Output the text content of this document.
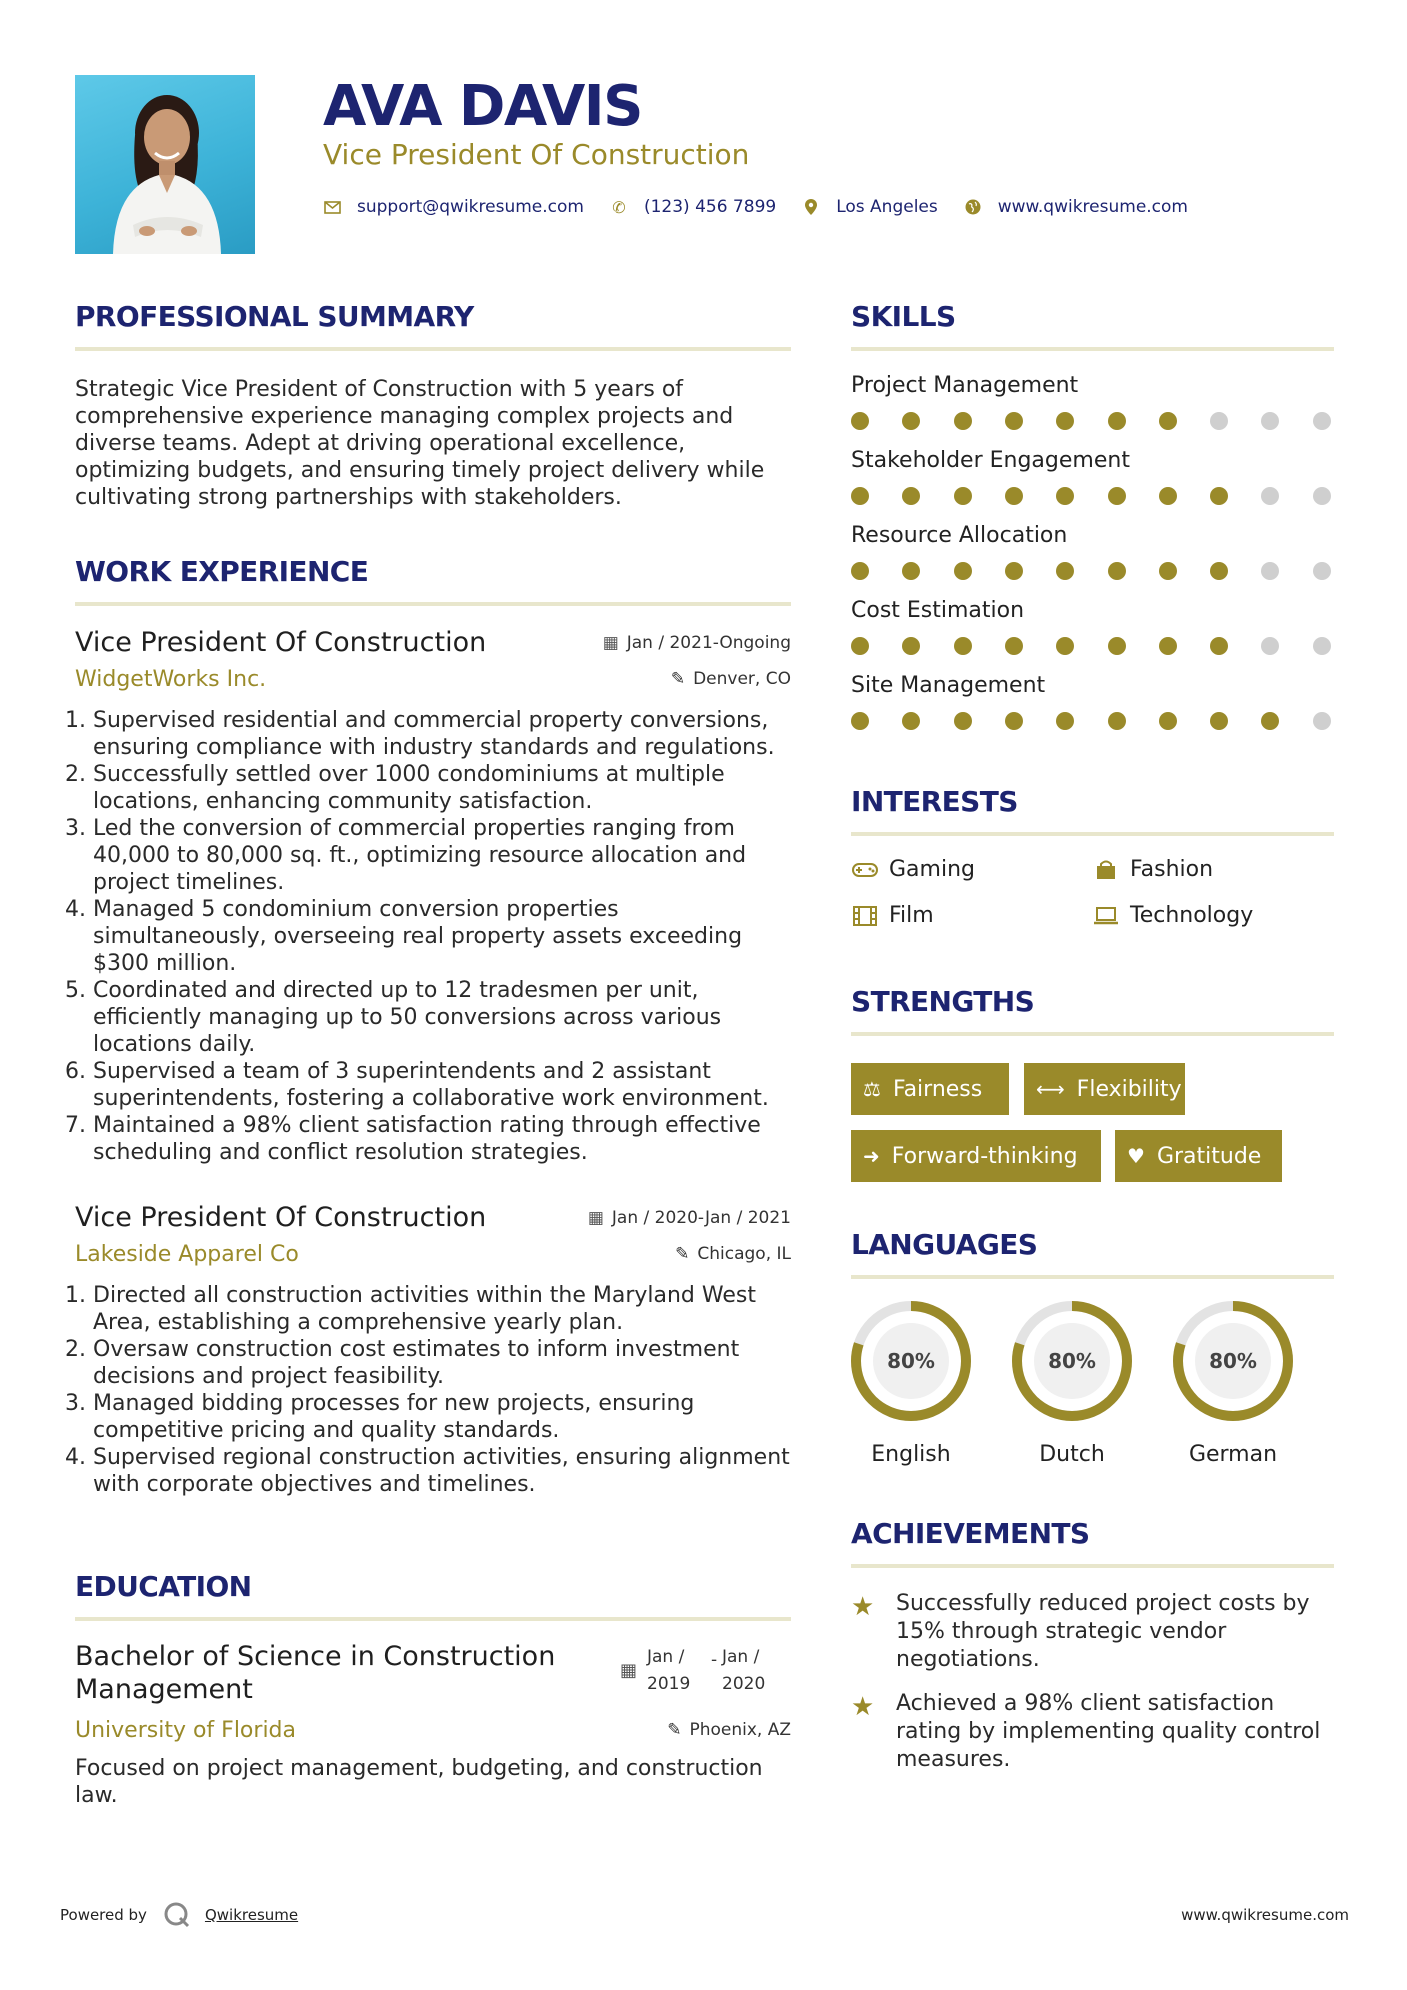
AVA DAVIS
Vice President Of Construction
support@qwikresume.com ✆ (123) 456 7899	Los Angeles	www.qwikresume.com
PROFESSIONAL SUMMARY
Strategic Vice President of Construction with 5 years of comprehensive experience managing complex projects and diverse teams. Adept at driving operational excellence, optimizing budgets, and ensuring timely project delivery while cultivating strong partnerships with stakeholders.
WORK EXPERIENCE
Vice President Of Construction	▦ Jan / 2021-Ongoing
WidgetWorks Inc.	✎ Denver, CO
1. Supervised residential and commercial property conversions, ensuring compliance with industry standards and regulations.
2. Successfully settled over 1000 condominiums at multiple locations, enhancing community satisfaction.
3. Led the conversion of commercial properties ranging from 40,000 to 80,000 sq. ft., optimizing resource allocation and project timelines.
4. Managed 5 condominium conversion properties simultaneously, overseeing real property assets exceeding $300 million.
5. Coordinated and directed up to 12 tradesmen per unit, efficiently managing up to 50 conversions across various locations daily.
6. Supervised a team of 3 superintendents and 2 assistant superintendents, fostering a collaborative work environment.
7. Maintained a 98% client satisfaction rating through effective scheduling and conflict resolution strategies.
Vice President Of Construction	▦ Jan / 2020-Jan / 2021
Lakeside Apparel Co	✎ Chicago, IL
1. Directed all construction activities within the Maryland West Area, establishing a comprehensive yearly plan.
2. Oversaw construction cost estimates to inform investment decisions and project feasibility.
3. Managed bidding processes for new projects, ensuring competitive pricing and quality standards.
4. Supervised regional construction activities, ensuring alignment with corporate objectives and timelines.
EDUCATION
Bachelor of Science in Construction Management
▦
Jan /
2019
- Jan /
2020
University of Florida	✎ Phoenix, AZ
Focused on project management, budgeting, and construction law.
SKILLS
Project Management
Stakeholder Engagement
Resource Allocation
Cost Estimation
Site Management
INTERESTS
Gaming	Fashion
Film	Technology
STRENGTHS
⚖ Fairness	⟷ Flexibility
➜ Forward-thinking ♥ Gratitude
LANGUAGES
80%
English
80%
Dutch
80%
German
ACHIEVEMENTS
★ Successfully reduced project costs by 15% through strategic vendor negotiations.
★ Achieved a 98% client satisfaction rating by implementing quality control measures.
Powered by	Qwikresume	www.qwikresume.com
